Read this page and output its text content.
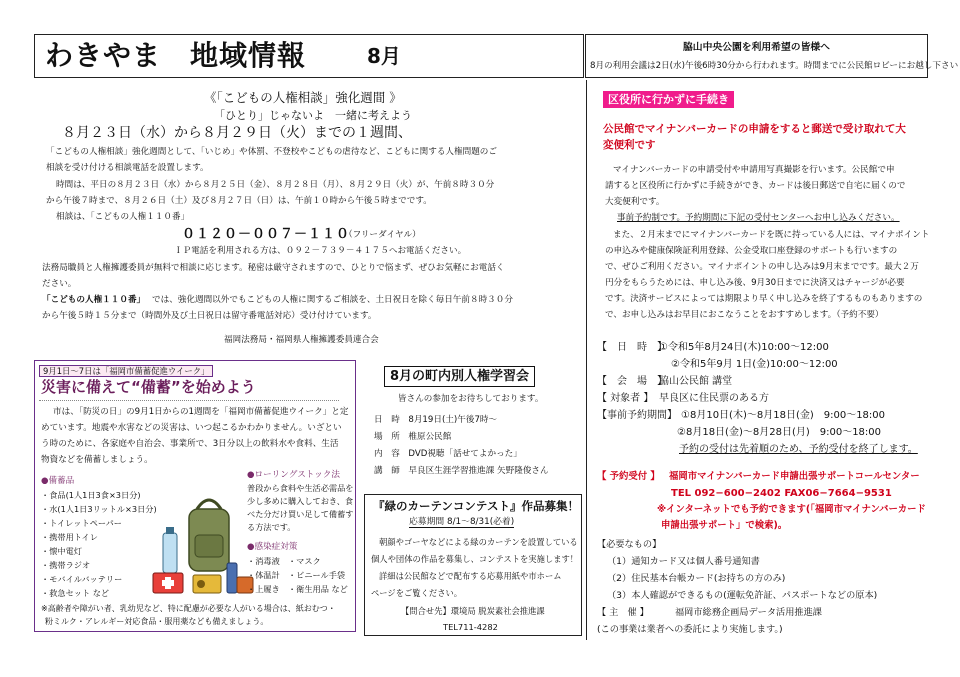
わきやま　地域情報	8月	脇山中央公園を利用希望の皆様へ
8月の利用会議は2日(水)午後6時30分から行われます。時間までに公民館ロビーにお越し下さい
《「こどもの人権相談」強化週間 》
「ひとり」じゃないよ　一緒に考えよう
８月２３日（水）から８月２９日（火）までの１週間、
「こどもの人権相談」強化週間として、「いじめ」や体罰、不登校やこどもの虐待など、こどもに関する人権問題のご
相談を受け付ける相談電話を設置します。
時間は、平日の８月２３日（水）から８月２５日（金）、８月２８日（月）、８月２９日（火）が、午前８時３０分
から午後７時まで、８月２６日（土）及び８月２７日（日）は、午前１０時から午後５時までです。
相談は、「こどもの人権１１０番」
０１２０－００７－１１０
（フリーダイヤル）
ＩＰ電話を利用される方は、０９２－７３９－４１７５へお電話ください。
法務局職員と人権擁護委員が無料で相談に応じます。秘密は厳守されますので、ひとりで悩まず、ぜひお気軽にお電話く
ださい。
「こどもの人権１１０番」 では、強化週間以外でもこどもの人権に関するご相談を、土日祝日を除く毎日午前８時３０分
から午後５時１５分まで（時間外及び土日祝日は留守番電話対応）受け付けています。
福岡法務局・福岡県人権擁護委員連合会
9月1日〜7日は「福岡市備蓄促進ウイーク」
災害に備えて“備蓄”を始めよう
市は、「防災の日」の9月1日からの1週間を「福岡市備蓄促進ウイーク」と定
めています。地震や水害などの災害は、いつ起こるかわかりません。いざとい
う時のために、各家庭や自治会、事業所で、3日分以上の飲料水や食料、生活
物資などを備蓄しましょう。
●備蓄品
・食品(1人1日3食×3日分)
・水(1人1日3リットル×3日分)
・トイレットペーパー
・携帯用トイレ
・懐中電灯
・携帯ラジオ
・モバイルバッテリー
・救急セット など
●ローリングストック法
普段から食料や生活必需品を
少し多めに購入しておき、食
べた分だけ買い足して備蓄す
る方法です。
●感染症対策
・消毒液　・マスク
・体温計　・ビニール手袋
・上履き　・衛生用品 など
※高齢者や障がい者、乳幼児など、特に配慮が必要な人がいる場合は、紙おむつ・
粉ミルク・アレルギー対応食品・服用薬なども備えましょう。
8月の町内別人権学習会
皆さんの参加をお待ちしております。
日　時　8月19日(土)午後7時～
場　所　椎原公民館
内　容　DVD視聴「話せてよかった」
講　師　早良区生涯学習推進課 矢野隆俊さん
『緑のカーテンコンテスト』作品募集！
応募期間 8/1～8/31(必着)
朝顔やゴーヤなどによる緑のカーテンを設置している
個人や団体の作品を募集し、コンテストを実施します！
詳細は公民館などで配布する応募用紙や市ホーム
ページをご覧ください。
【問合せ先】環境局 脱炭素社会推進課
TEL711-4282
区役所に行かずに手続き
公民館でマイナンバーカードの申請をすると郵送で受け取れて大
変便利です
マイナンバーカードの申請受付や申請用写真撮影を行います。公民館で申
請すると区役所に行かずに手続きができ、カードは後日郵送で自宅に届くので
大変便利です。
事前予約制です。予約期間に下記の受付センターへお申し込みください。
また、２月末までにマイナンバーカードを既に持っている人には、マイナポイント
の申込みや健康保険証利用登録、公金受取口座登録のサポートも行いますの
で、ぜひご利用ください。マイナポイントの申し込みは9月末までです。最大２万
円分をもらうためには、申し込み後、9月30日までに決済又はチャージが必要
です。決済サービスによっては期限より早く申し込みを終了するものもありますの
で、お申し込みはお早目におこなうことをおすすめします。（予約不要）
【　日　時　】
①令和5年8月24日(木)10:00～12:00
②令和5年9月 1日(金)10:00～12:00
【　会　場　】
脇山公民館 講堂
【 対象者 】 早良区に住民票のある方
【事前予約期間】 ①8月10日(木)～8月18日(金)　9:00～18:00
②8月18日(金)～8月28日(月)　9:00～18:00
予約の受付は先着順のため、予約受付を終了します。
【 予約受付 】 福岡市マイナンバーカード申請出張サポートコールセンター
TEL 092−600−2402 FAX06−7664−9531
※インターネットでも予約できます(「福岡市マイナンバーカード
申請出張サポート」で検索)。
【必要なもの】
（1）通知カード又は個人番号通知書
（2）住民基本台帳カード(お持ちの方のみ)
（3）本人確認ができるもの(運転免許証、パスポートなどの原本)
【 主　催 】	福岡市総務企画局データ活用推進課
(この事業は業者への委託により実施します。)
